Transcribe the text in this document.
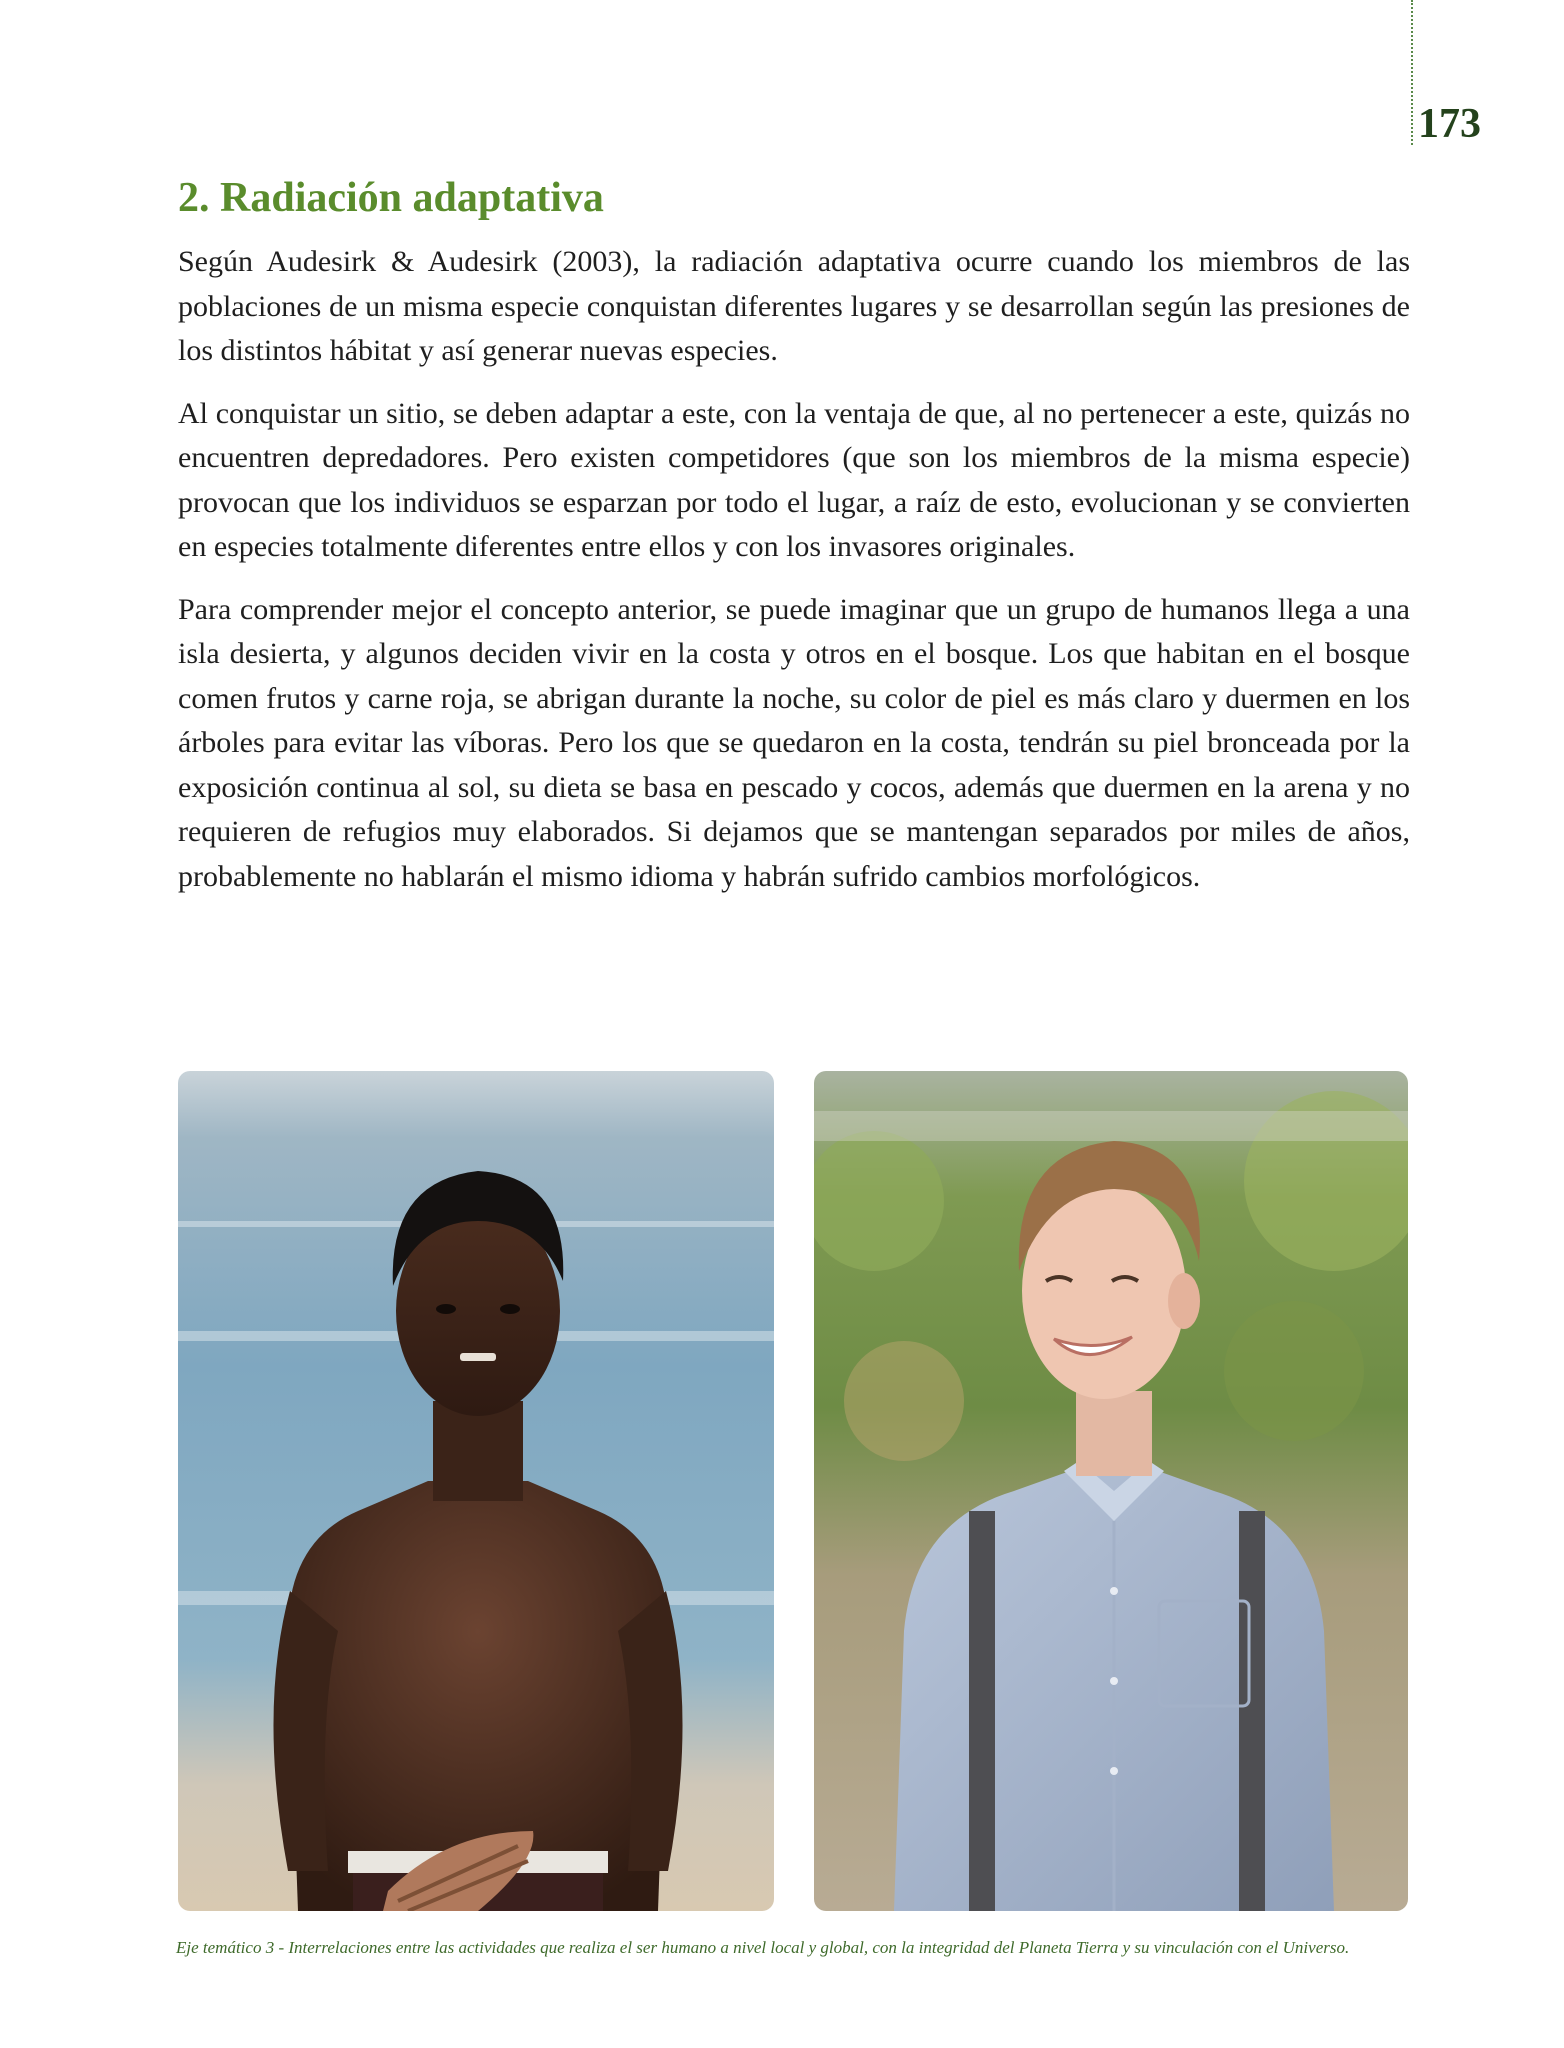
173
2. Radiación adaptativa

Según Audesirk & Audesirk (2003), la radiación adaptativa ocurre cuando los miembros de las poblaciones de un misma especie conquistan diferentes lugares y se desarrollan según las presiones de los distintos hábitat y así generar nuevas especies.

Al conquistar un sitio, se deben adaptar a este, con la ventaja de que, al no pertenecer a este, quizás no encuentren depredadores. Pero existen competidores (que son los miembros de la misma especie) provocan que los individuos se esparzan por todo el lugar, a raíz de esto, evolucionan y se convierten en especies totalmente diferentes entre ellos y con los invasores originales.

Para comprender mejor el concepto anterior, se puede imaginar que un grupo de humanos llega a una isla desierta, y algunos deciden vivir en la costa y otros en el bosque. Los que habitan en el bosque comen frutos y carne roja, se abrigan durante la noche, su color de piel es más claro y duermen en los árboles para evitar las víboras. Pero los que se quedaron en la costa, tendrán su piel bronceada por la exposición continua al sol, su dieta se basa en pescado y cocos, además que duermen en la arena y no requieren de refugios muy elaborados. Si dejamos que se mantengan separados por miles de años, probablemente no hablarán el mismo idioma y habrán sufrido cambios morfológicos.

Eje temático 3 - Interrelaciones entre las actividades que realiza el ser humano a nivel local y global, con la integridad del Planeta Tierra y su vinculación con el Universo.
